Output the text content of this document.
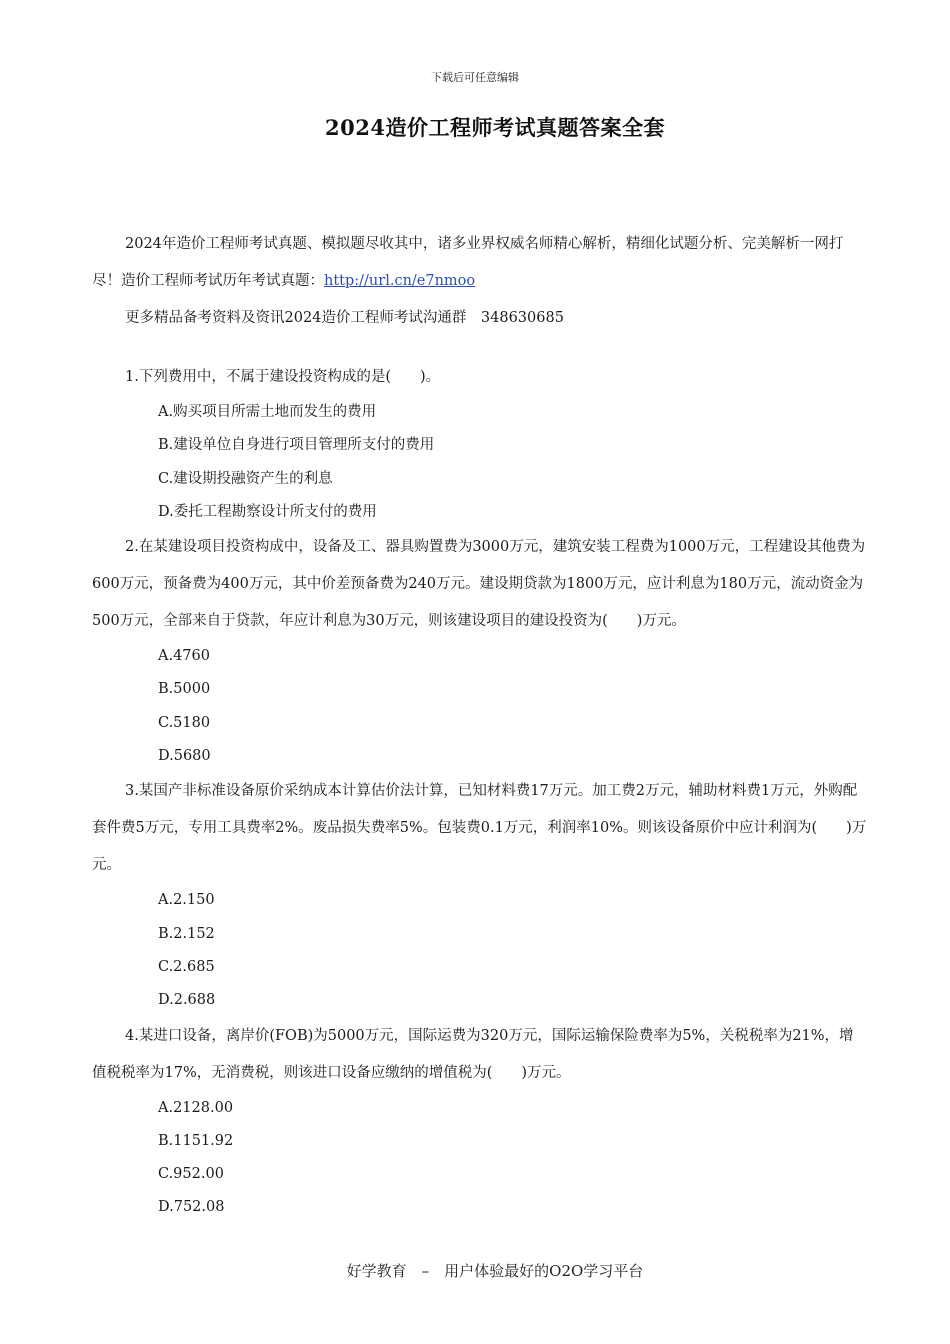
下载后可任意编辑
2024造价工程师考试真题答案全套

2024年造价工程师考试真题、模拟题尽收其中，诸多业界权威名师精心解析，精细化试题分析、完美解析一网打尽！造价工程师考试历年考试真题：http://url.cn/e7nmoo

更多精品备考资料及资讯2024造价工程师考试沟通群　348630685

1.下列费用中，不属于建设投资构成的是(　　)。

A.购买项目所需土地而发生的费用

B.建设单位自身进行项目管理所支付的费用

C.建设期投融资产生的利息

D.委托工程勘察设计所支付的费用

2.在某建设项目投资构成中，设备及工、器具购置费为3000万元，建筑安装工程费为1000万元，工程建设其他费为600万元，预备费为400万元，其中价差预备费为240万元。建设期贷款为1800万元，应计利息为180万元，流动资金为500万元，全部来自于贷款，年应计利息为30万元，则该建设项目的建设投资为(　　)万元。

A.4760

B.5000

C.5180

D.5680

3.某国产非标准设备原价采纳成本计算估价法计算，已知材料费17万元。加工费2万元，辅助材料费1万元，外购配套件费5万元，专用工具费率2%。废品损失费率5%。包装费0.1万元，利润率10%。则该设备原价中应计利润为(　　)万元。

A.2.150

B.2.152

C.2.685

D.2.688

4.某进口设备，离岸价(FOB)为5000万元，国际运费为320万元，国际运输保险费率为5%，关税税率为21%，增值税税率为17%，无消费税，则该进口设备应缴纳的增值税为(　　)万元。

A.2128.00

B.1151.92

C.952.00

D.752.08

好学教育　–　用户体验最好的O2O学习平台
